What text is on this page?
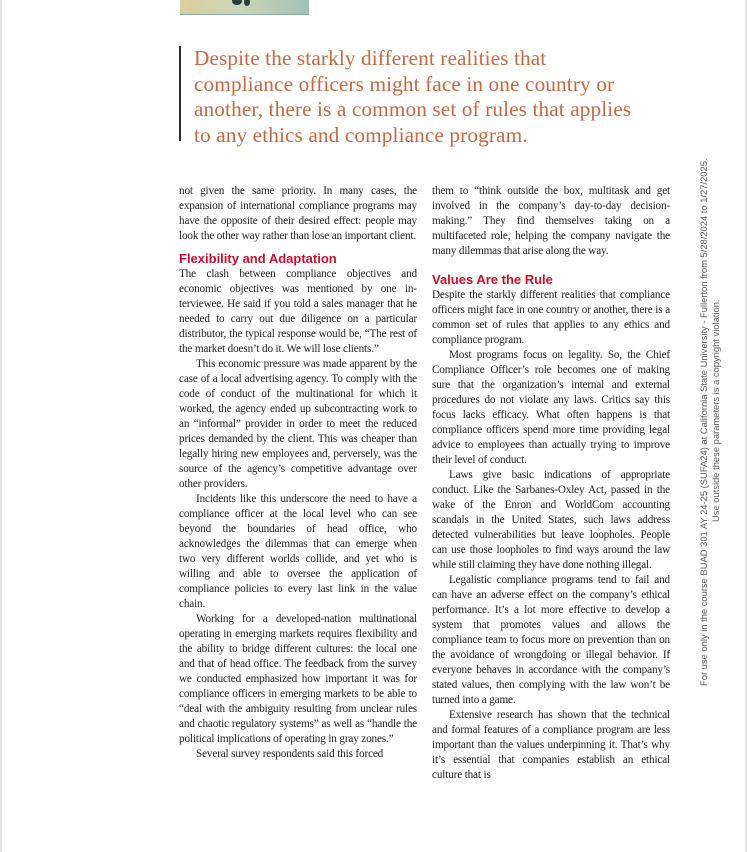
Despite the starkly different realities that
compliance officers might face in one country or
another, there is a common set of rules that applies
to any ethics and compliance program.

not given the same priority. In many cases, the expansion of international compliance programs may have the opposite of their desired effect: people may look the other way rather than lose an important client.

Flexibility and Adaptation

The clash between compliance objectives and economic objectives was mentioned by one interviewee. He said if you told a sales manager that he needed to carry out due diligence on a particular distributor, the typical response would be, “The rest of the market doesn’t do it. We will lose clients.”

This economic pressure was made apparent by the case of a local advertising agency. To comply with the code of conduct of the multinational for which it worked, the agency ended up subcontracting work to an “informal” provider in order to meet the reduced prices demanded by the client. This was cheaper than legally hiring new employees and, perversely, was the source of the agency’s competitive advantage over other providers.

Incidents like this underscore the need to have a compliance officer at the local level who can see beyond the boundaries of head office, who acknowledges the dilemmas that can emerge when two very different worlds collide, and yet who is willing and able to oversee the application of compliance policies to every last link in the value chain.

Working for a developed-nation multinational operating in emerging markets requires flexibility and the ability to bridge different cultures: the local one and that of head office. The feedback from the survey we conducted emphasized how important it was for compliance officers in emerging markets to be able to “deal with the ambiguity resulting from unclear rules and chaotic regulatory systems” as well as “handle the political implications of operating in gray zones.”

Several survey respondents said this forced

them to “think outside the box, multitask and get involved in the company’s day-to-day decision-making.” They find themselves taking on a multifaceted role, helping the company navigate the many dilemmas that arise along the way.

Values Are the Rule

Despite the starkly different realities that compliance officers might face in one country or another, there is a common set of rules that applies to any ethics and compliance program.

Most programs focus on legality. So, the Chief Compliance Officer’s role becomes one of making sure that the organization’s internal and external procedures do not violate any laws. Critics say this focus lacks efficacy. What often happens is that compliance officers spend more time providing legal advice to employees than actually trying to improve their level of conduct.

Laws give basic indications of appropriate conduct. Like the Sarbanes-Oxley Act, passed in the wake of the Enron and WorldCom accounting scandals in the United States, such laws address detected vulnerabilities but leave loopholes. People can use those loopholes to find ways around the law while still claiming they have done nothing illegal.

Legalistic compliance programs tend to fail and can have an adverse effect on the company’s ethical performance. It’s a lot more effective to develop a system that promotes values and allows the compliance team to focus more on prevention than on the avoidance of wrongdoing or illegal behavior. If everyone behaves in accordance with the company’s stated values, then complying with the law won’t be turned into a game.

Extensive research has shown that the technical and formal features of a compliance program are less important than the values underpinning it. That’s why it’s essential that companies establish an ethical culture that is

For use only in the course BUAD 301 AY 24-25 (SUFA24) at California State University - Fullerton from 5/28/2024 to 1/27/2025. Use outside these parameters is a copyright violation.
